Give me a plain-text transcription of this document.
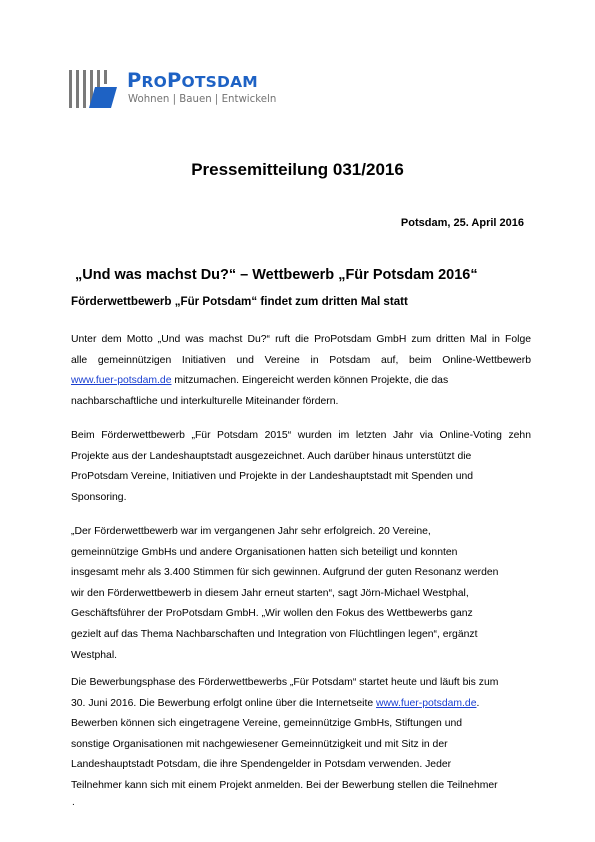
PROPOTSDAM
Wohnen | Bauen | Entwickeln
Pressemitteilung 031/2016
Potsdam, 25. April 2016
„Und was machst Du?“ – Wettbewerb „Für Potsdam 2016“
Förderwettbewerb „Für Potsdam“ findet zum dritten Mal statt
Unter dem Motto „Und was machst Du?“ ruft die ProPotsdam GmbH zum dritten Mal in Folge
alle gemeinnützigen Initiativen und Vereine in Potsdam auf, beim Online-Wettbewerb
www.fuer-potsdam.de mitzumachen. Eingereicht werden können Projekte, die das
nachbarschaftliche und interkulturelle Miteinander fördern.
Beim Förderwettbewerb „Für Potsdam 2015“ wurden im letzten Jahr via Online-Voting zehn
Projekte aus der Landeshauptstadt ausgezeichnet. Auch darüber hinaus unterstützt die
ProPotsdam Vereine, Initiativen und Projekte in der Landeshauptstadt mit Spenden und
Sponsoring.
„Der Förderwettbewerb war im vergangenen Jahr sehr erfolgreich. 20 Vereine,
gemeinnützige GmbHs und andere Organisationen hatten sich beteiligt und konnten
insgesamt mehr als 3.400 Stimmen für sich gewinnen. Aufgrund der guten Resonanz werden
wir den Förderwettbewerb in diesem Jahr erneut starten“, sagt Jörn-Michael Westphal,
Geschäftsführer der ProPotsdam GmbH. „Wir wollen den Fokus des Wettbewerbs ganz
gezielt auf das Thema Nachbarschaften und Integration von Flüchtlingen legen“, ergänzt
Westphal.
Die Bewerbungsphase des Förderwettbewerbs „Für Potsdam“ startet heute und läuft bis zum
30. Juni 2016. Die Bewerbung erfolgt online über die Internetseite www.fuer-potsdam.de.
Bewerben können sich eingetragene Vereine, gemeinnützige GmbHs, Stiftungen und
sonstige Organisationen mit nachgewiesener Gemeinnützigkeit und mit Sitz in der
Landeshauptstadt Potsdam, die ihre Spendengelder in Potsdam verwenden. Jeder
Teilnehmer kann sich mit einem Projekt anmelden. Bei der Bewerbung stellen die Teilnehmer
.
